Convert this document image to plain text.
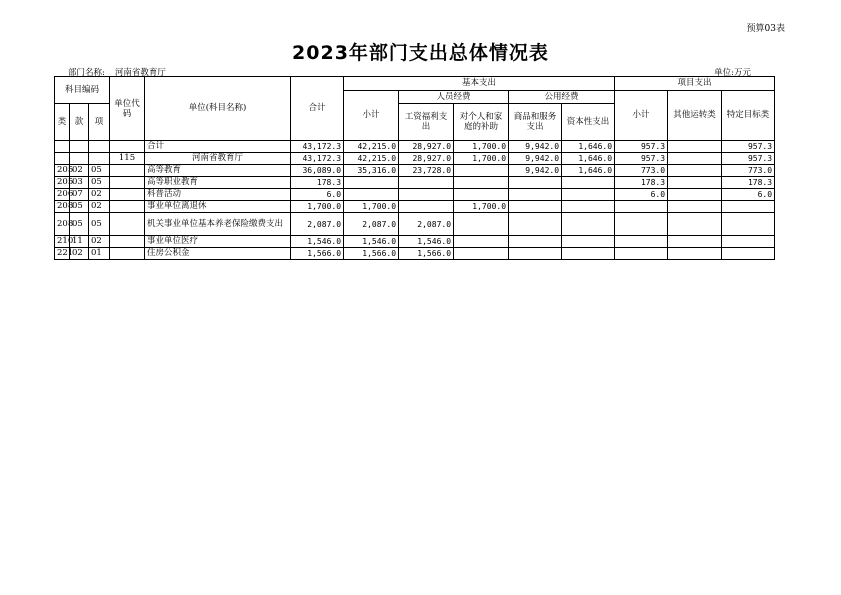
预算03表
2023年部门支出总体情况表
部门名称: 河南省教育厅	单位:万元
科目编码			单位代码	单位(科目名称)	合计	基本支出					项目支出		
						小计	人员经费		公用经费		小计	其他运转类	特定目标类
类	款	项					工资福利支出	对个人和家庭的补助	商品和服务支出	资本性支出			
				合计	43,172.3	42,215.0	28,927.0	1,700.0	9,942.0	1,646.0	957.3		957.3
			115	河南省教育厅	43,172.3	42,215.0	28,927.0	1,700.0	9,942.0	1,646.0	957.3		957.3
205	02	05		高等教育	36,089.0	35,316.0	23,728.0		9,942.0	1,646.0	773.0		773.0
205	03	05		高等职业教育	178.3						178.3		178.3
206	07	02		科普活动	6.0						6.0		6.0
208	05	02		事业单位离退休	1,700.0	1,700.0		1,700.0					
208	05	05		机关事业单位基本养老保险缴费支出	2,087.0	2,087.0	2,087.0						
210	11	02		事业单位医疗	1,546.0	1,546.0	1,546.0						
221	02	01		住房公积金	1,566.0	1,566.0	1,566.0						
